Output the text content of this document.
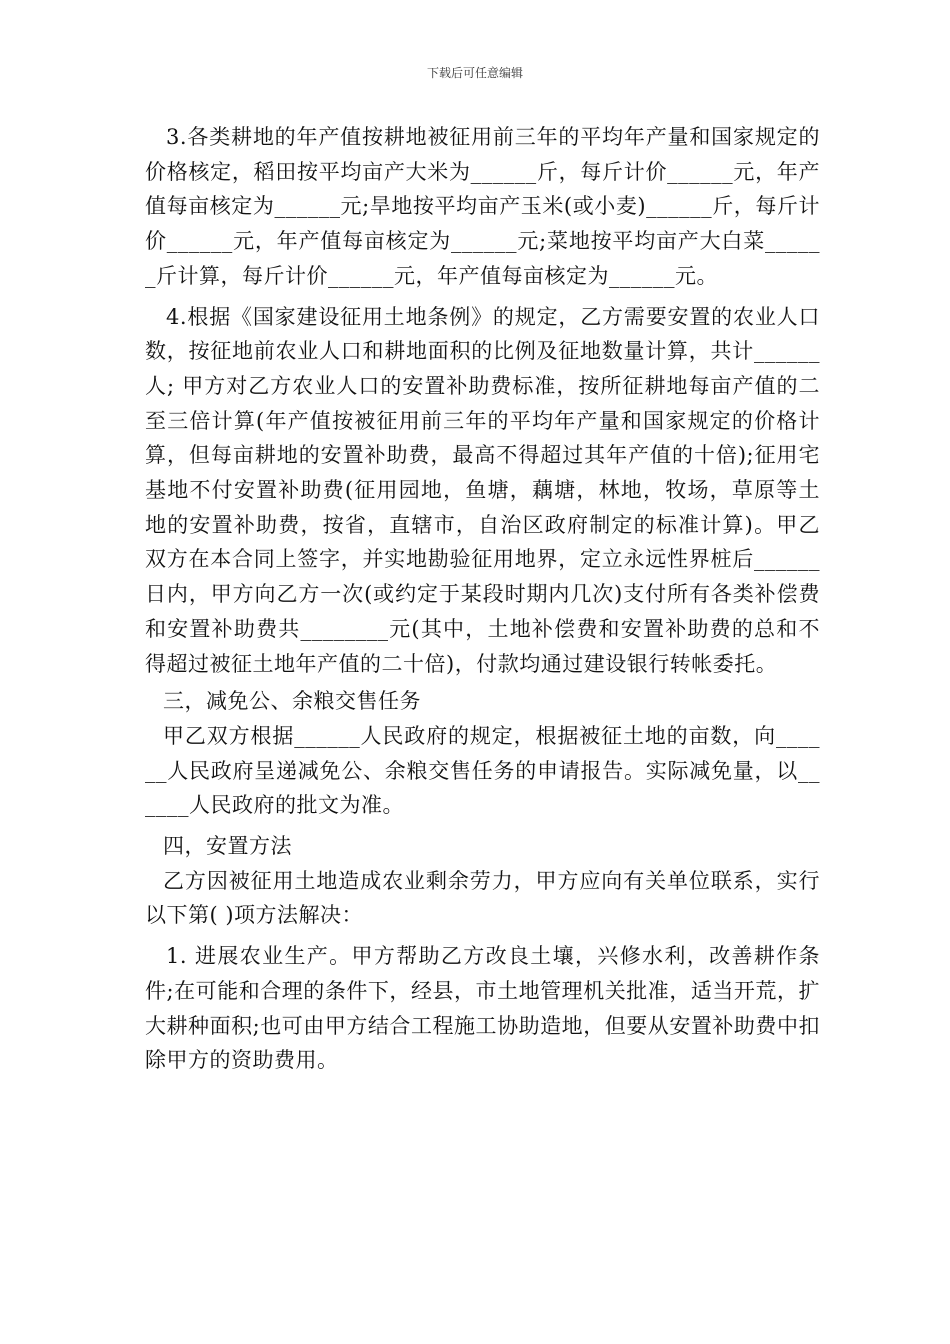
下载后可任意编辑

3.各类耕地的年产值按耕地被征用前三年的平均年产量和国家规定的价格核定，稻田按平均亩产大米为______斤，每斤计价______元，年产值每亩核定为______元;旱地按平均亩产玉米(或小麦)______斤，每斤计价______元，年产值每亩核定为______元;菜地按平均亩产大白菜______斤计算，每斤计价______元，年产值每亩核定为______元。

4.根据《国家建设征用土地条例》的规定，乙方需要安置的农业人口数，按征地前农业人口和耕地面积的比例及征地数量计算，共计______人; 甲方对乙方农业人口的安置补助费标准，按所征耕地每亩产值的二至三倍计算(年产值按被征用前三年的平均年产量和国家规定的价格计算，但每亩耕地的安置补助费，最高不得超过其年产值的十倍);征用宅基地不付安置补助费(征用园地，鱼塘，藕塘，林地，牧场，草原等土地的安置补助费，按省，直辖市，自治区政府制定的标准计算)。甲乙双方在本合同上签字，并实地勘验征用地界，定立永远性界桩后______日内，甲方向乙方一次(或约定于某段时期内几次)支付所有各类补偿费和安置补助费共________元(其中，土地补偿费和安置补助费的总和不得超过被征土地年产值的二十倍)，付款均通过建设银行转帐委托。

三，减免公、余粮交售任务

甲乙双方根据______人民政府的规定，根据被征土地的亩数，向______人民政府呈递减免公、余粮交售任务的申请报告。实际减免量，以______人民政府的批文为准。

四，安置方法

乙方因被征用土地造成农业剩余劳力，甲方应向有关单位联系，实行以下第( )项方法解决：

1. 进展农业生产。甲方帮助乙方改良土壤，兴修水利，改善耕作条件;在可能和合理的条件下，经县，市土地管理机关批准，适当开荒，扩大耕种面积;也可由甲方结合工程施工协助造地，但要从安置补助费中扣除甲方的资助费用。
